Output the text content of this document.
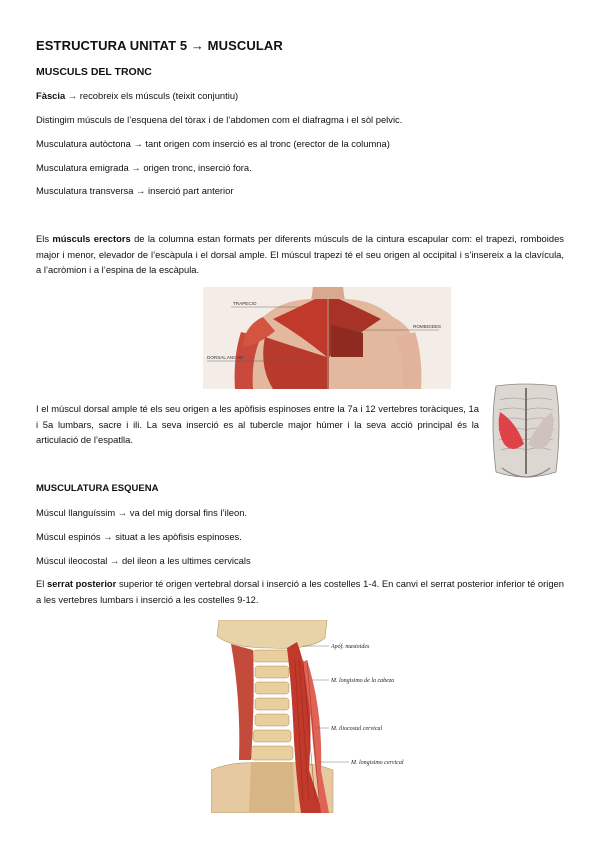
ESTRUCTURA UNITAT 5 → MUSCULAR
MUSCULS DEL TRONC
Fàscia → recobreix els músculs (teixit conjuntiu)
Distingim músculs de l’esquena del tòrax i de l’abdomen com el diafragma i el sòl pelvic.
Musculatura autòctona → tant origen com inserció es al tronc (erector de la columna)
Musculatura emigrada → origen tronc, inserció fora.
Musculatura transversa → inserció part anterior
Els músculs erectors de la columna estan formats per diferents músculs de la cintura escapular com: el trapezi, romboides major i menor, elevador de l’escàpula i el dorsal ample. El múscul trapezi té el seu origen al occipital i s’insereix a la clavícula, a l’acròmion i a l’espina de la escàpula.
TRAPECIO
ROMBOIDES
DORSAL ANCHO
I el múscul dorsal ample té els seu origen a les apòfisis espinoses entre la 7a i 12 vertebres toràciques, 1a i 5a lumbars, sacre i ili. La seva inserció es al tubercle major húmer i la seva acció principal és la articulació de l’espatlla.
MUSCULATURA ESQUENA
Múscul llanguíssim → va del mig dorsal fins l’ileon.
Múscul espinós → situat a les apòfisis espinoses.
Múscul ileocostal → del ileon a les ultimes cervicals
El serrat posterior superior té origen vertebral dorsal i inserció a les costelles 1-4. En canvi el serrat posterior inferior té origen a les vertebres lumbars i inserció a les costelles 9-12.
Apóf. mastoides
M. longisimo de la cabeza
M. iliocostal cervical
M. longisimo cervical
